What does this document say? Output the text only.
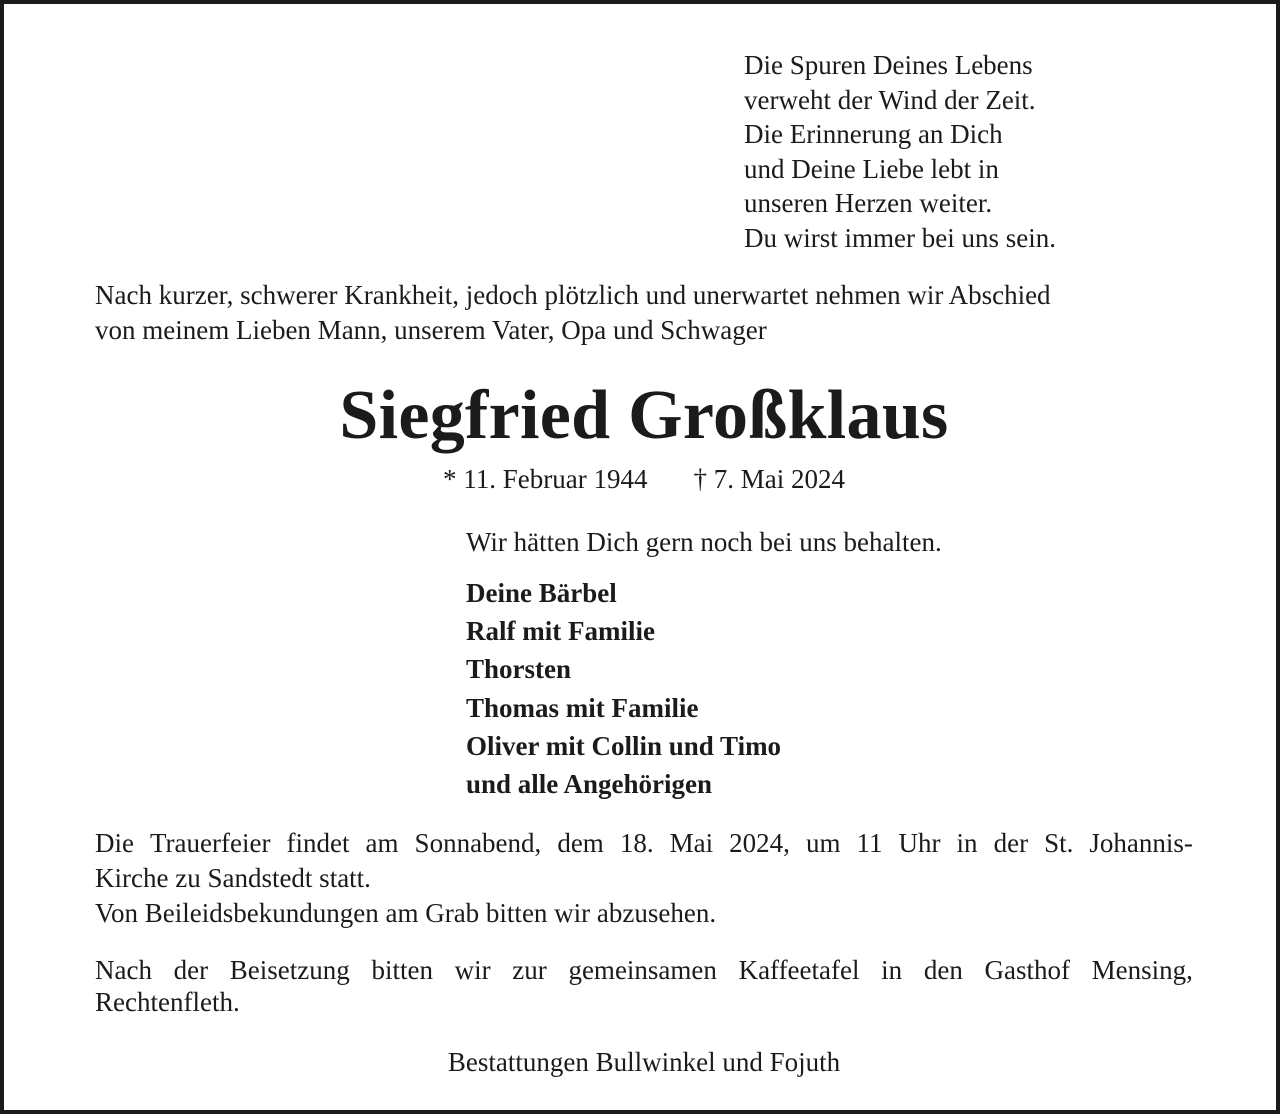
Die Spuren Deines Lebens
verweht der Wind der Zeit.
Die Erinnerung an Dich
und Deine Liebe lebt in
unseren Herzen weiter.
Du wirst immer bei uns sein.
Nach kurzer, schwerer Krankheit, jedoch plötzlich und unerwartet nehmen wir Abschied
von meinem Lieben Mann, unserem Vater, Opa und Schwager
Siegfried Großklaus
* 11. Februar 1944 † 7. Mai 2024
Wir hätten Dich gern noch bei uns behalten.
Deine Bärbel
Ralf mit Familie
Thorsten
Thomas mit Familie
Oliver mit Collin und Timo
und alle Angehörigen
Die Trauerfeier findet am Sonnabend, dem 18. Mai 2024, um 11 Uhr in der St. Johannis-
Kirche zu Sandstedt statt.
Von Beileidsbekundungen am Grab bitten wir abzusehen.
Nach der Beisetzung bitten wir zur gemeinsamen Kaffeetafel in den Gasthof Mensing,
Rechtenfleth.
Bestattungen Bullwinkel und Fojuth
